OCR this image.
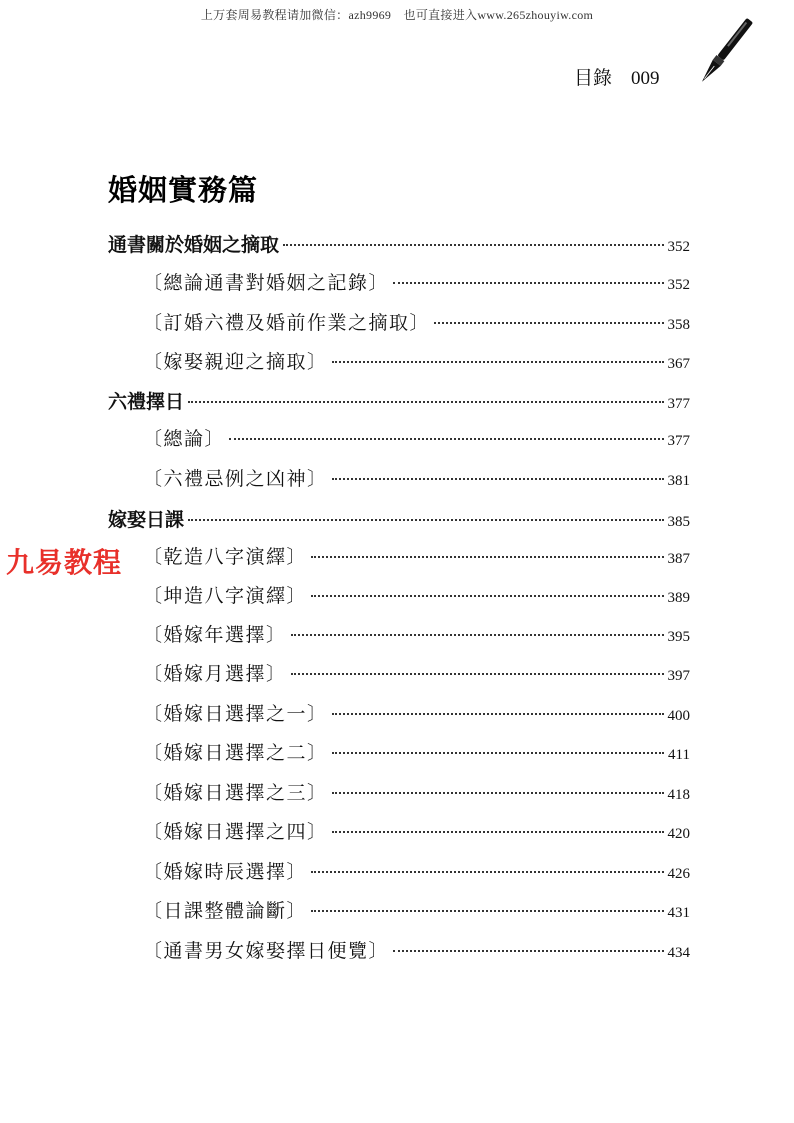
上万套周易教程请加微信：azh9969　也可直接进入www.265zhouyiw.com
目錄　009
婚姻實務篇
通書關於婚姻之摘取	352
〔總論通書對婚姻之記錄〕	352
〔訂婚六禮及婚前作業之摘取〕	358
〔嫁娶親迎之摘取〕	367
六禮擇日	377
〔總論〕	377
〔六禮忌例之凶神〕	381
嫁娶日課	385
〔乾造八字演繹〕	387
〔坤造八字演繹〕	389
〔婚嫁年選擇〕	395
〔婚嫁月選擇〕	397
〔婚嫁日選擇之一〕	400
〔婚嫁日選擇之二〕	411
〔婚嫁日選擇之三〕	418
〔婚嫁日選擇之四〕	420
〔婚嫁時辰選擇〕	426
〔日課整體論斷〕	431
〔通書男女嫁娶擇日便覽〕	434
九易教程
